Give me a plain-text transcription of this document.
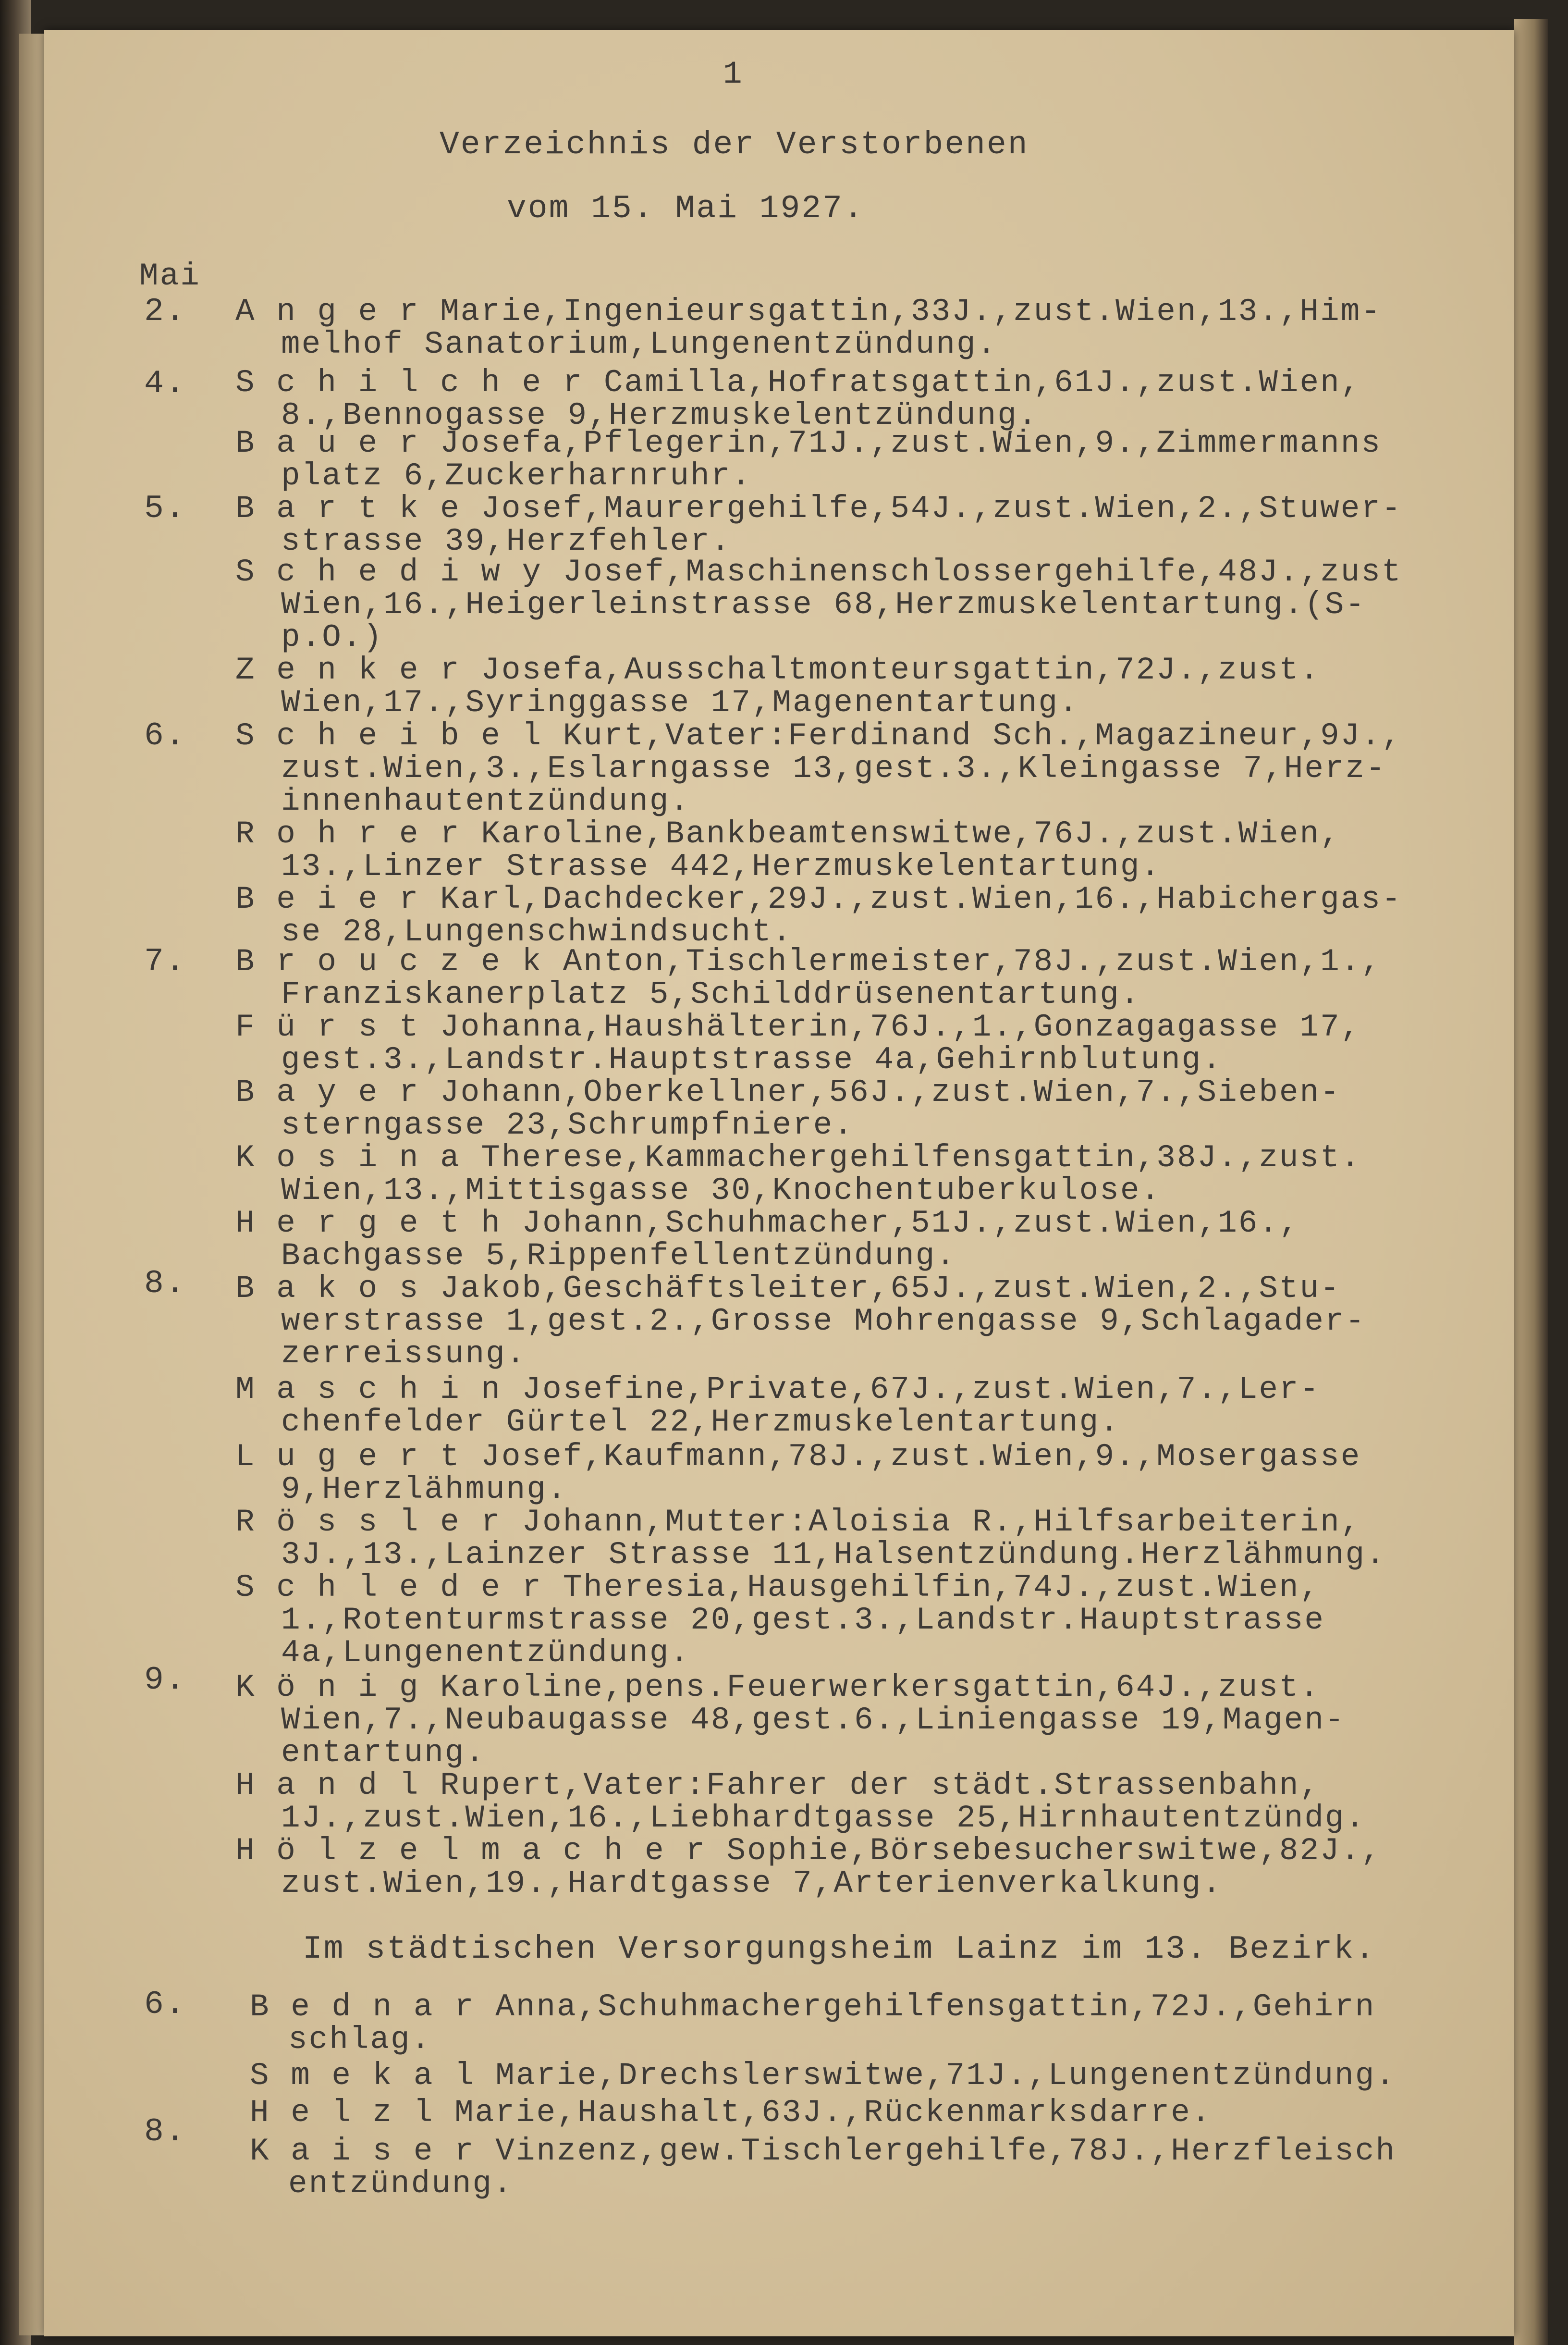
1
Verzeichnis der Verstorbenen
vom 15. Mai 1927.
Mai
2.
4.
5.
6.
7.
8.
9.
6.
8.
A n g e r Marie,Ingenieursgattin,33J.,zust.Wien,13.,Him-
melhof Sanatorium,Lungenentzündung.
S c h i l c h e r Camilla,Hofratsgattin,61J.,zust.Wien,
8.,Bennogasse 9,Herzmuskelentzündung.
B a u e r Josefa,Pflegerin,71J.,zust.Wien,9.,Zimmermanns
platz 6,Zuckerharnruhr.
B a r t k e Josef,Maurergehilfe,54J.,zust.Wien,2.,Stuwer-
strasse 39,Herzfehler.
S c h e d i w y Josef,Maschinenschlossergehilfe,48J.,zust
Wien,16.,Heigerleinstrasse 68,Herzmuskelentartung.(S-
p.O.)
Z e n k e r Josefa,Ausschaltmonteursgattin,72J.,zust.
Wien,17.,Syringgasse 17,Magenentartung.
S c h e i b e l Kurt,Vater:Ferdinand Sch.,Magazineur,9J.,
zust.Wien,3.,Eslarngasse 13,gest.3.,Kleingasse 7,Herz-
innenhautentzündung.
R o h r e r Karoline,Bankbeamtenswitwe,76J.,zust.Wien,
13.,Linzer Strasse 442,Herzmuskelentartung.
B e i e r Karl,Dachdecker,29J.,zust.Wien,16.,Habichergas-
se 28,Lungenschwindsucht.
B r o u c z e k Anton,Tischlermeister,78J.,zust.Wien,1.,
Franziskanerplatz 5,Schilddrüsenentartung.
F ü r s t Johanna,Haushälterin,76J.,1.,Gonzagagasse 17,
gest.3.,Landstr.Hauptstrasse 4a,Gehirnblutung.
B a y e r Johann,Oberkellner,56J.,zust.Wien,7.,Sieben-
sterngasse 23,Schrumpfniere.
K o s i n a Therese,Kammachergehilfensgattin,38J.,zust.
Wien,13.,Mittisgasse 30,Knochentuberkulose.
H e r g e t h Johann,Schuhmacher,51J.,zust.Wien,16.,
Bachgasse 5,Rippenfellentzündung.
B a k o s Jakob,Geschäftsleiter,65J.,zust.Wien,2.,Stu-
werstrasse 1,gest.2.,Grosse Mohrengasse 9,Schlagader-
zerreissung.
M a s c h i n Josefine,Private,67J.,zust.Wien,7.,Ler-
chenfelder Gürtel 22,Herzmuskelentartung.
L u g e r t Josef,Kaufmann,78J.,zust.Wien,9.,Mosergasse
9,Herzlähmung.
R ö s s l e r Johann,Mutter:Aloisia R.,Hilfsarbeiterin,
3J.,13.,Lainzer Strasse 11,Halsentzündung.Herzlähmung.
S c h l e d e r Theresia,Hausgehilfin,74J.,zust.Wien,
1.,Rotenturmstrasse 20,gest.3.,Landstr.Hauptstrasse
4a,Lungenentzündung.
K ö n i g Karoline,pens.Feuerwerkersgattin,64J.,zust.
Wien,7.,Neubaugasse 48,gest.6.,Liniengasse 19,Magen-
entartung.
H a n d l Rupert,Vater:Fahrer der städt.Strassenbahn,
1J.,zust.Wien,16.,Liebhardtgasse 25,Hirnhautentzündg.
H ö l z e l m a c h e r Sophie,Börsebesucherswitwe,82J.,
zust.Wien,19.,Hardtgasse 7,Arterienverkalkung.
Im städtischen Versorgungsheim Lainz im 13. Bezirk.
B e d n a r Anna,Schuhmachergehilfensgattin,72J.,Gehirn
schlag.
S m e k a l Marie,Drechslerswitwe,71J.,Lungenentzündung.
H e l z l Marie,Haushalt,63J.,Rückenmarksdarre.
K a i s e r Vinzenz,gew.Tischlergehilfe,78J.,Herzfleisch
entzündung.
